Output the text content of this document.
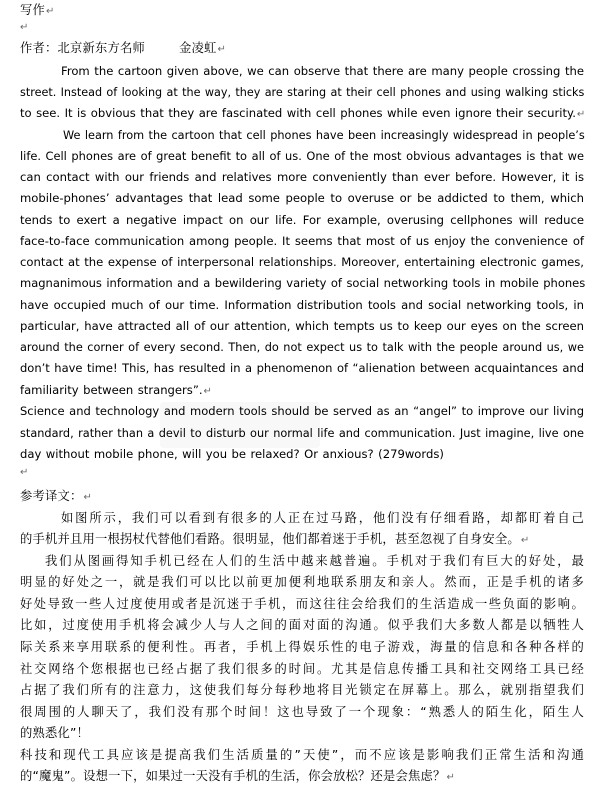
写作↵
↵
作者：北京新东方名师	金凌虹↵
From the cartoon given above, we can observe that there are many people crossing the
street. Instead of looking at the way, they are staring at their cell phones and using walking sticks
to see. It is obvious that they are fascinated with cell phones while even ignore their security.↵
We learn from the cartoon that cell phones have been increasingly widespread in people’s
life. Cell phones are of great benefit to all of us. One of the most obvious advantages is that we
can contact with our friends and relatives more conveniently than ever before. However, it is
mobile-phones’ advantages that lead some people to overuse or be addicted to them, which
tends to exert a negative impact on our life. For example, overusing cellphones will reduce
face-to-face communication among people. It seems that most of us enjoy the convenience of
contact at the expense of interpersonal relationships. Moreover, entertaining electronic games,
magnanimous information and a bewildering variety of social networking tools in mobile phones
have occupied much of our time. Information distribution tools and social networking tools, in
particular, have attracted all of our attention, which tempts us to keep our eyes on the screen
around the corner of every second. Then, do not expect us to talk with the people around us, we
don’t have time! This, has resulted in a phenomenon of “alienation between acquaintances and
familiarity between strangers”.↵
Science and technology and modern tools should be served as an “angel” to improve our living
standard, rather than a devil to disturb our normal life and communication. Just imagine, live one
day without mobile phone, will you be relaxed? Or anxious? (279words)
↵
参考译文：↵
如图所示，我们可以看到有很多的人正在过马路，他们没有仔细看路，却都盯着自己
的手机并且用一根拐杖代替他们看路。很明显，他们都着迷于手机，甚至忽视了自身安全。↵
我们从图画得知手机已经在人们的生活中越来越普遍。手机对于我们有巨大的好处，最
明显的好处之一，就是我们可以比以前更加便利地联系朋友和亲人。然而，正是手机的诸多
好处导致一些人过度使用或者是沉迷于手机，而这往往会给我们的生活造成一些负面的影响。
比如，过度使用手机将会减少人与人之间的面对面的沟通。似乎我们大多数人都是以牺牲人
际关系来享用联系的便利性。再者，手机上得娱乐性的电子游戏，海量的信息和各种各样的
社交网络个您根据也已经占据了我们很多的时间。尤其是信息传播工具和社交网络工具已经
占据了我们所有的注意力，这使我们每分每秒地将目光锁定在屏幕上。那么，就别指望我们
很周围的人聊天了，我们没有那个时间！这也导致了一个现象：“熟悉人的陌生化，陌生人
的熟悉化”！
科技和现代工具应该是提高我们生活质量的”天使”，而不应该是影响我们正常生活和沟通
的“魔鬼”。设想一下，如果过一天没有手机的生活，你会放松？还是会焦虑？↵
